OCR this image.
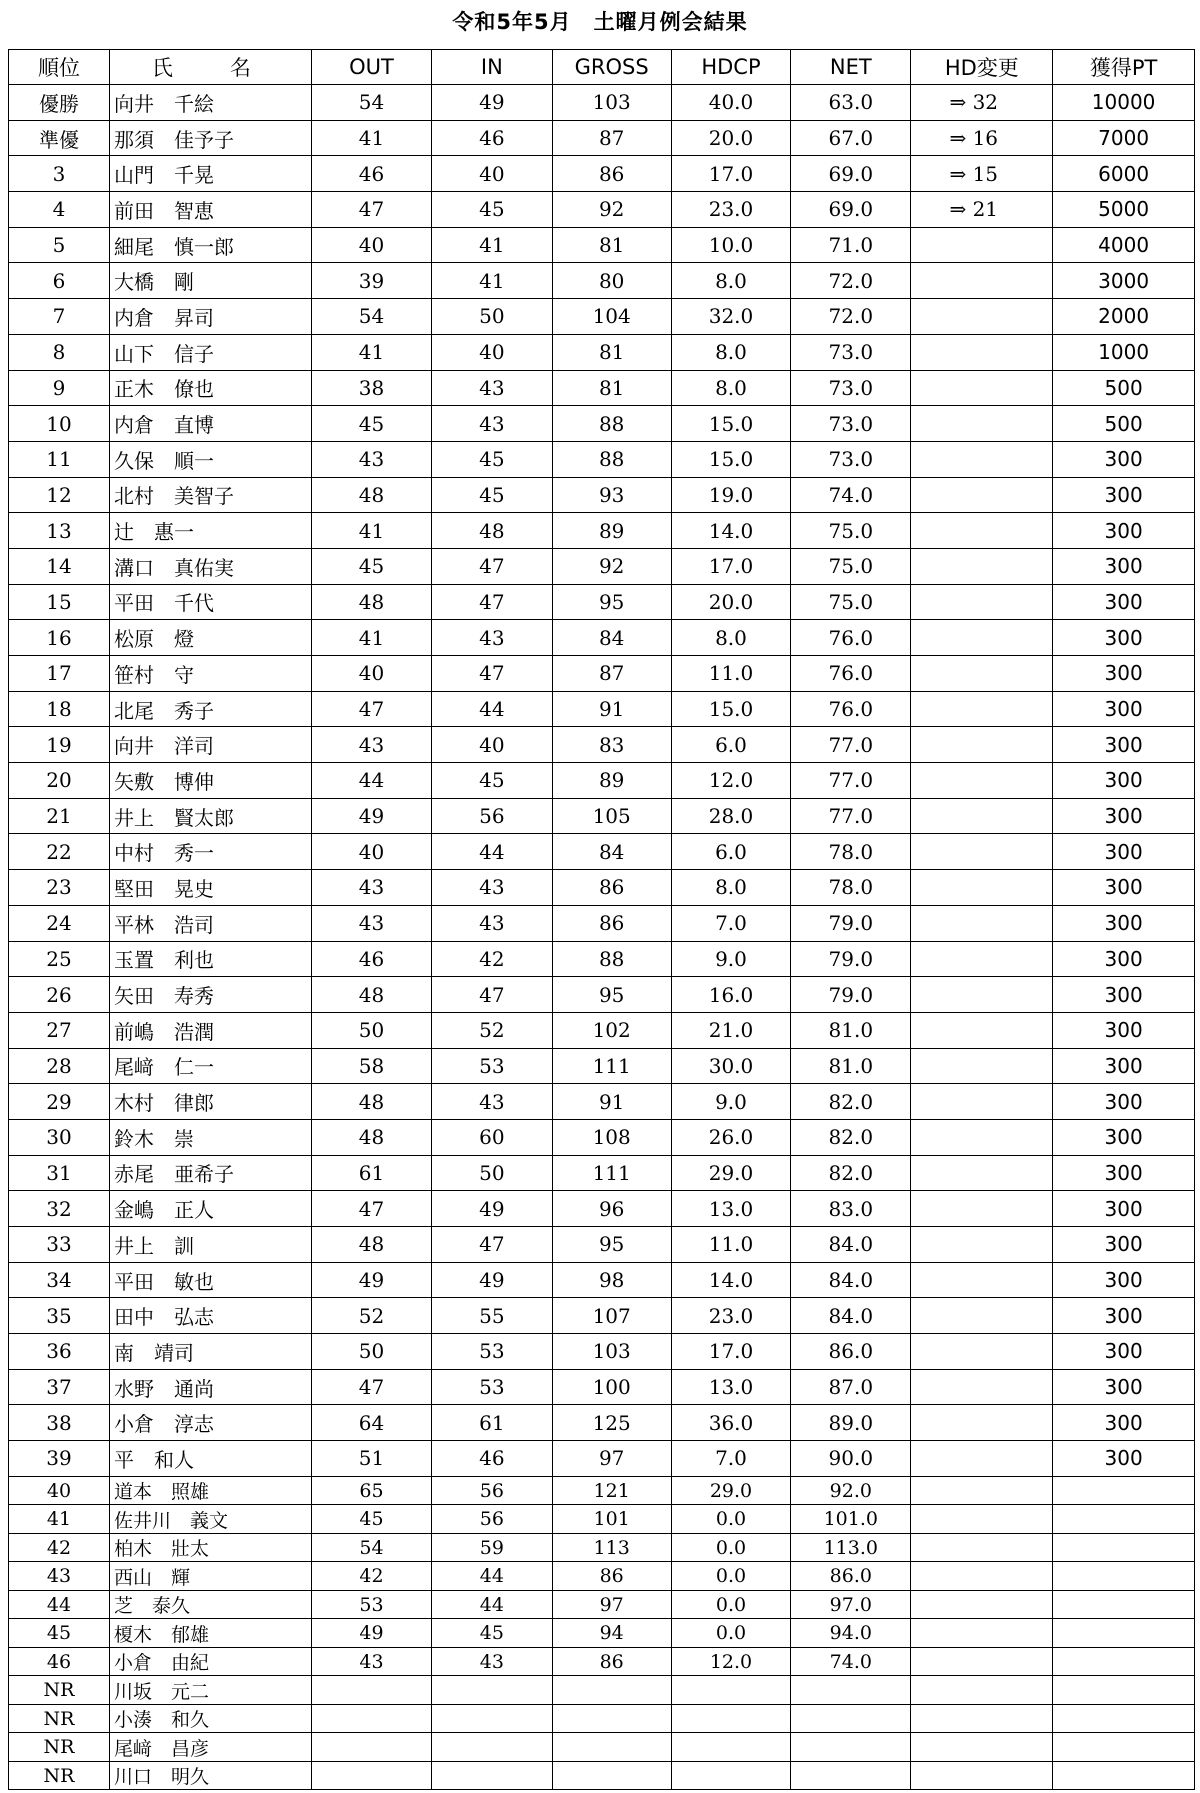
令和5年5月　土曜月例会結果
順位	氏　名	OUT	IN	GROSS	HDCP	NET	HD変更	獲得PT
優勝	向井　千絵	54	49	103	40.0	63.0	⇒ 32	10000
準優	那須　佳予子	41	46	87	20.0	67.0	⇒ 16	7000
3	山門　千晃	46	40	86	17.0	69.0	⇒ 15	6000
4	前田　智恵	47	45	92	23.0	69.0	⇒ 21	5000
5	細尾　慎一郎	40	41	81	10.0	71.0		4000
6	大橋　剛	39	41	80	8.0	72.0		3000
7	内倉　昇司	54	50	104	32.0	72.0		2000
8	山下　信子	41	40	81	8.0	73.0		1000
9	正木　僚也	38	43	81	8.0	73.0		500
10	内倉　直博	45	43	88	15.0	73.0		500
11	久保　順一	43	45	88	15.0	73.0		300
12	北村　美智子	48	45	93	19.0	74.0		300
13	辻　惠一	41	48	89	14.0	75.0		300
14	溝口　真佑実	45	47	92	17.0	75.0		300
15	平田　千代	48	47	95	20.0	75.0		300
16	松原　燈	41	43	84	8.0	76.0		300
17	笹村　守	40	47	87	11.0	76.0		300
18	北尾　秀子	47	44	91	15.0	76.0		300
19	向井　洋司	43	40	83	6.0	77.0		300
20	矢敷　博伸	44	45	89	12.0	77.0		300
21	井上　賢太郎	49	56	105	28.0	77.0		300
22	中村　秀一	40	44	84	6.0	78.0		300
23	堅田　晃史	43	43	86	8.0	78.0		300
24	平林　浩司	43	43	86	7.0	79.0		300
25	玉置　利也	46	42	88	9.0	79.0		300
26	矢田　寿秀	48	47	95	16.0	79.0		300
27	前嶋　浩潤	50	52	102	21.0	81.0		300
28	尾﨑　仁一	58	53	111	30.0	81.0		300
29	木村　律郎	48	43	91	9.0	82.0		300
30	鈴木　崇	48	60	108	26.0	82.0		300
31	赤尾　亜希子	61	50	111	29.0	82.0		300
32	金嶋　正人	47	49	96	13.0	83.0		300
33	井上　訓	48	47	95	11.0	84.0		300
34	平田　敏也	49	49	98	14.0	84.0		300
35	田中　弘志	52	55	107	23.0	84.0		300
36	南　靖司	50	53	103	17.0	86.0		300
37	水野　通尚	47	53	100	13.0	87.0		300
38	小倉　淳志	64	61	125	36.0	89.0		300
39	平　和人	51	46	97	7.0	90.0		300
40	道本　照雄	65	56	121	29.0	92.0		
41	佐井川　義文	45	56	101	0.0	101.0		
42	柏木　壯太	54	59	113	0.0	113.0		
43	西山　輝	42	44	86	0.0	86.0		
44	芝　泰久	53	44	97	0.0	97.0		
45	榎木　郁雄	49	45	94	0.0	94.0		
46	小倉　由紀	43	43	86	12.0	74.0		
NR	川坂　元二							
NR	小湊　和久							
NR	尾﨑　昌彦							
NR	川口　明久							
